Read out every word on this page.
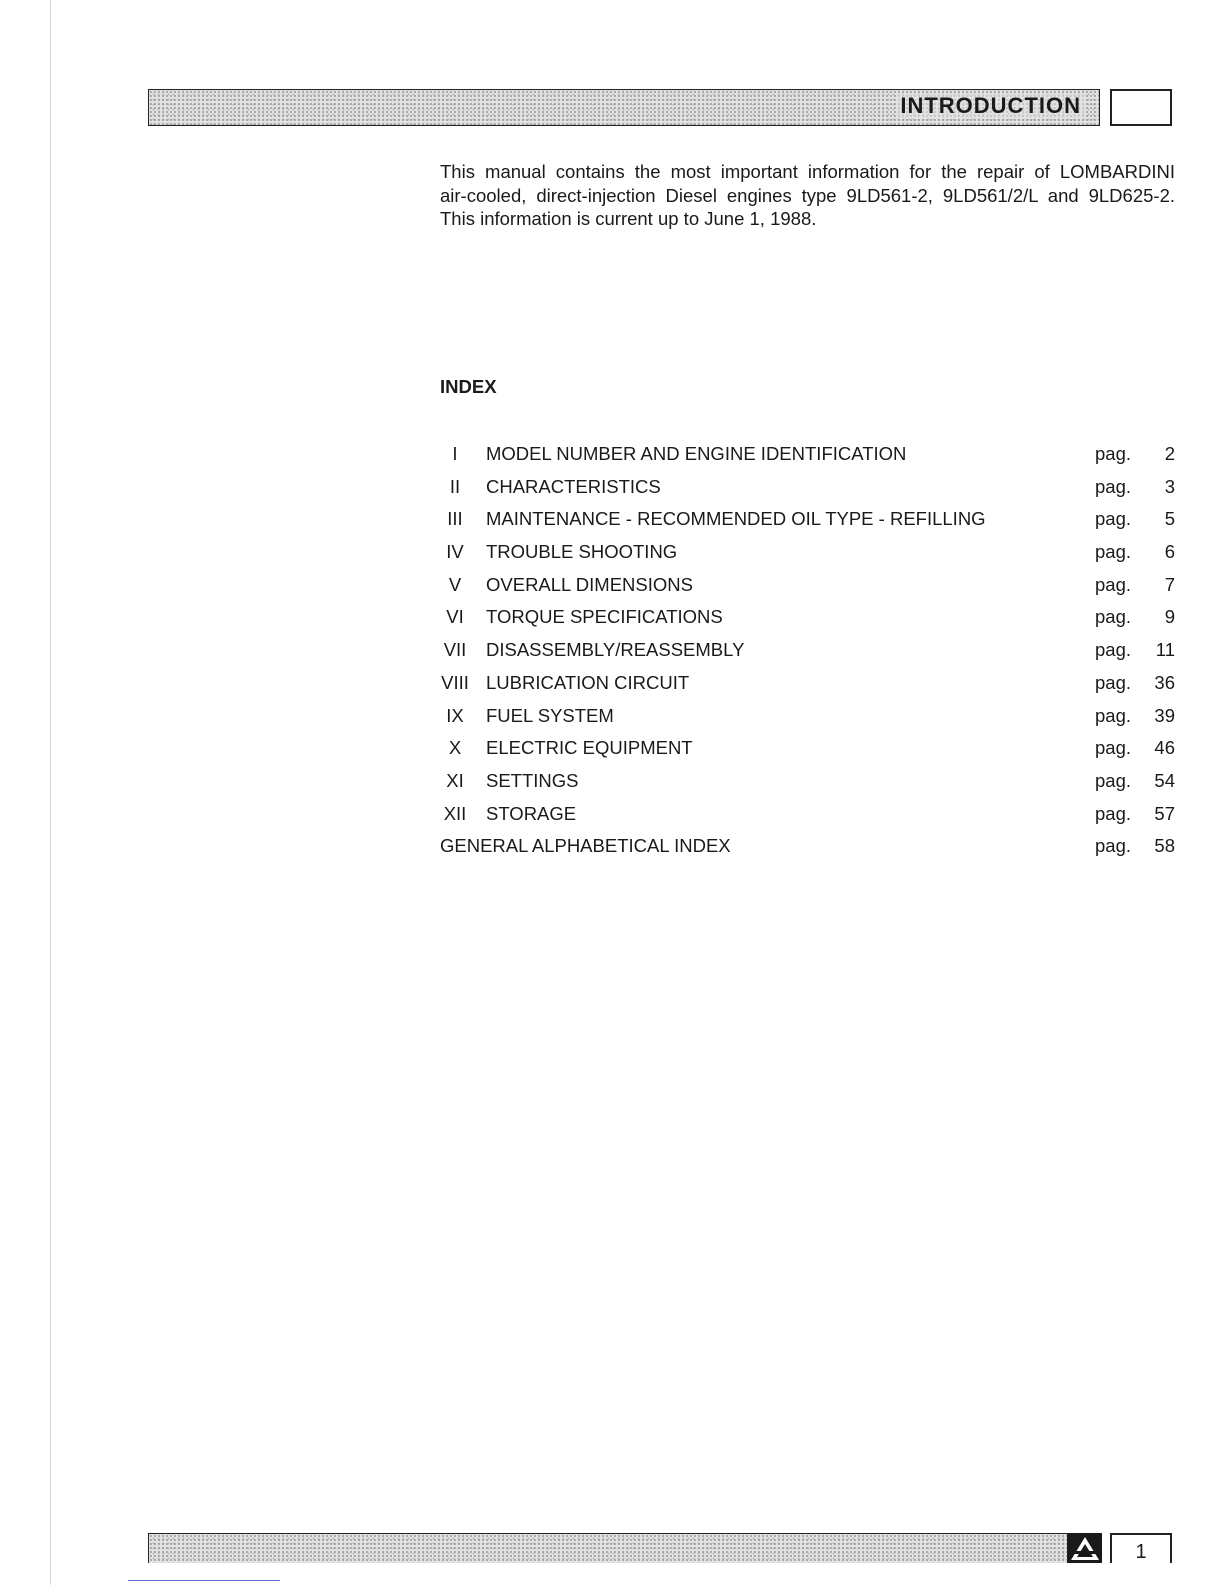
INTRODUCTION

This manual contains the most important information for the repair of LOMBARDINI

air-cooled, direct-injection Diesel engines type 9LD561-2, 9LD561/2/L and 9LD625-2.

This information is current up to June 1, 1988.

INDEX
I	MODEL NUMBER AND ENGINE IDENTIFICATION	pag.	2
II	CHARACTERISTICS	pag.	3
III	MAINTENANCE - RECOMMENDED OIL TYPE - REFILLING	pag.	5
IV	TROUBLE SHOOTING	pag.	6
V	OVERALL DIMENSIONS	pag.	7
VI	TORQUE SPECIFICATIONS	pag.	9
VII DISASSEMBLY/REASSEMBLY	pag.	11
VIII LUBRICATION CIRCUIT	pag.	36
IX	FUEL SYSTEM	pag.	39
X	ELECTRIC EQUIPMENT	pag.	46
XI	SETTINGS	pag.	54
XII STORAGE	pag.	57
GENERAL ALPHABETICAL INDEX	pag.	58
1
